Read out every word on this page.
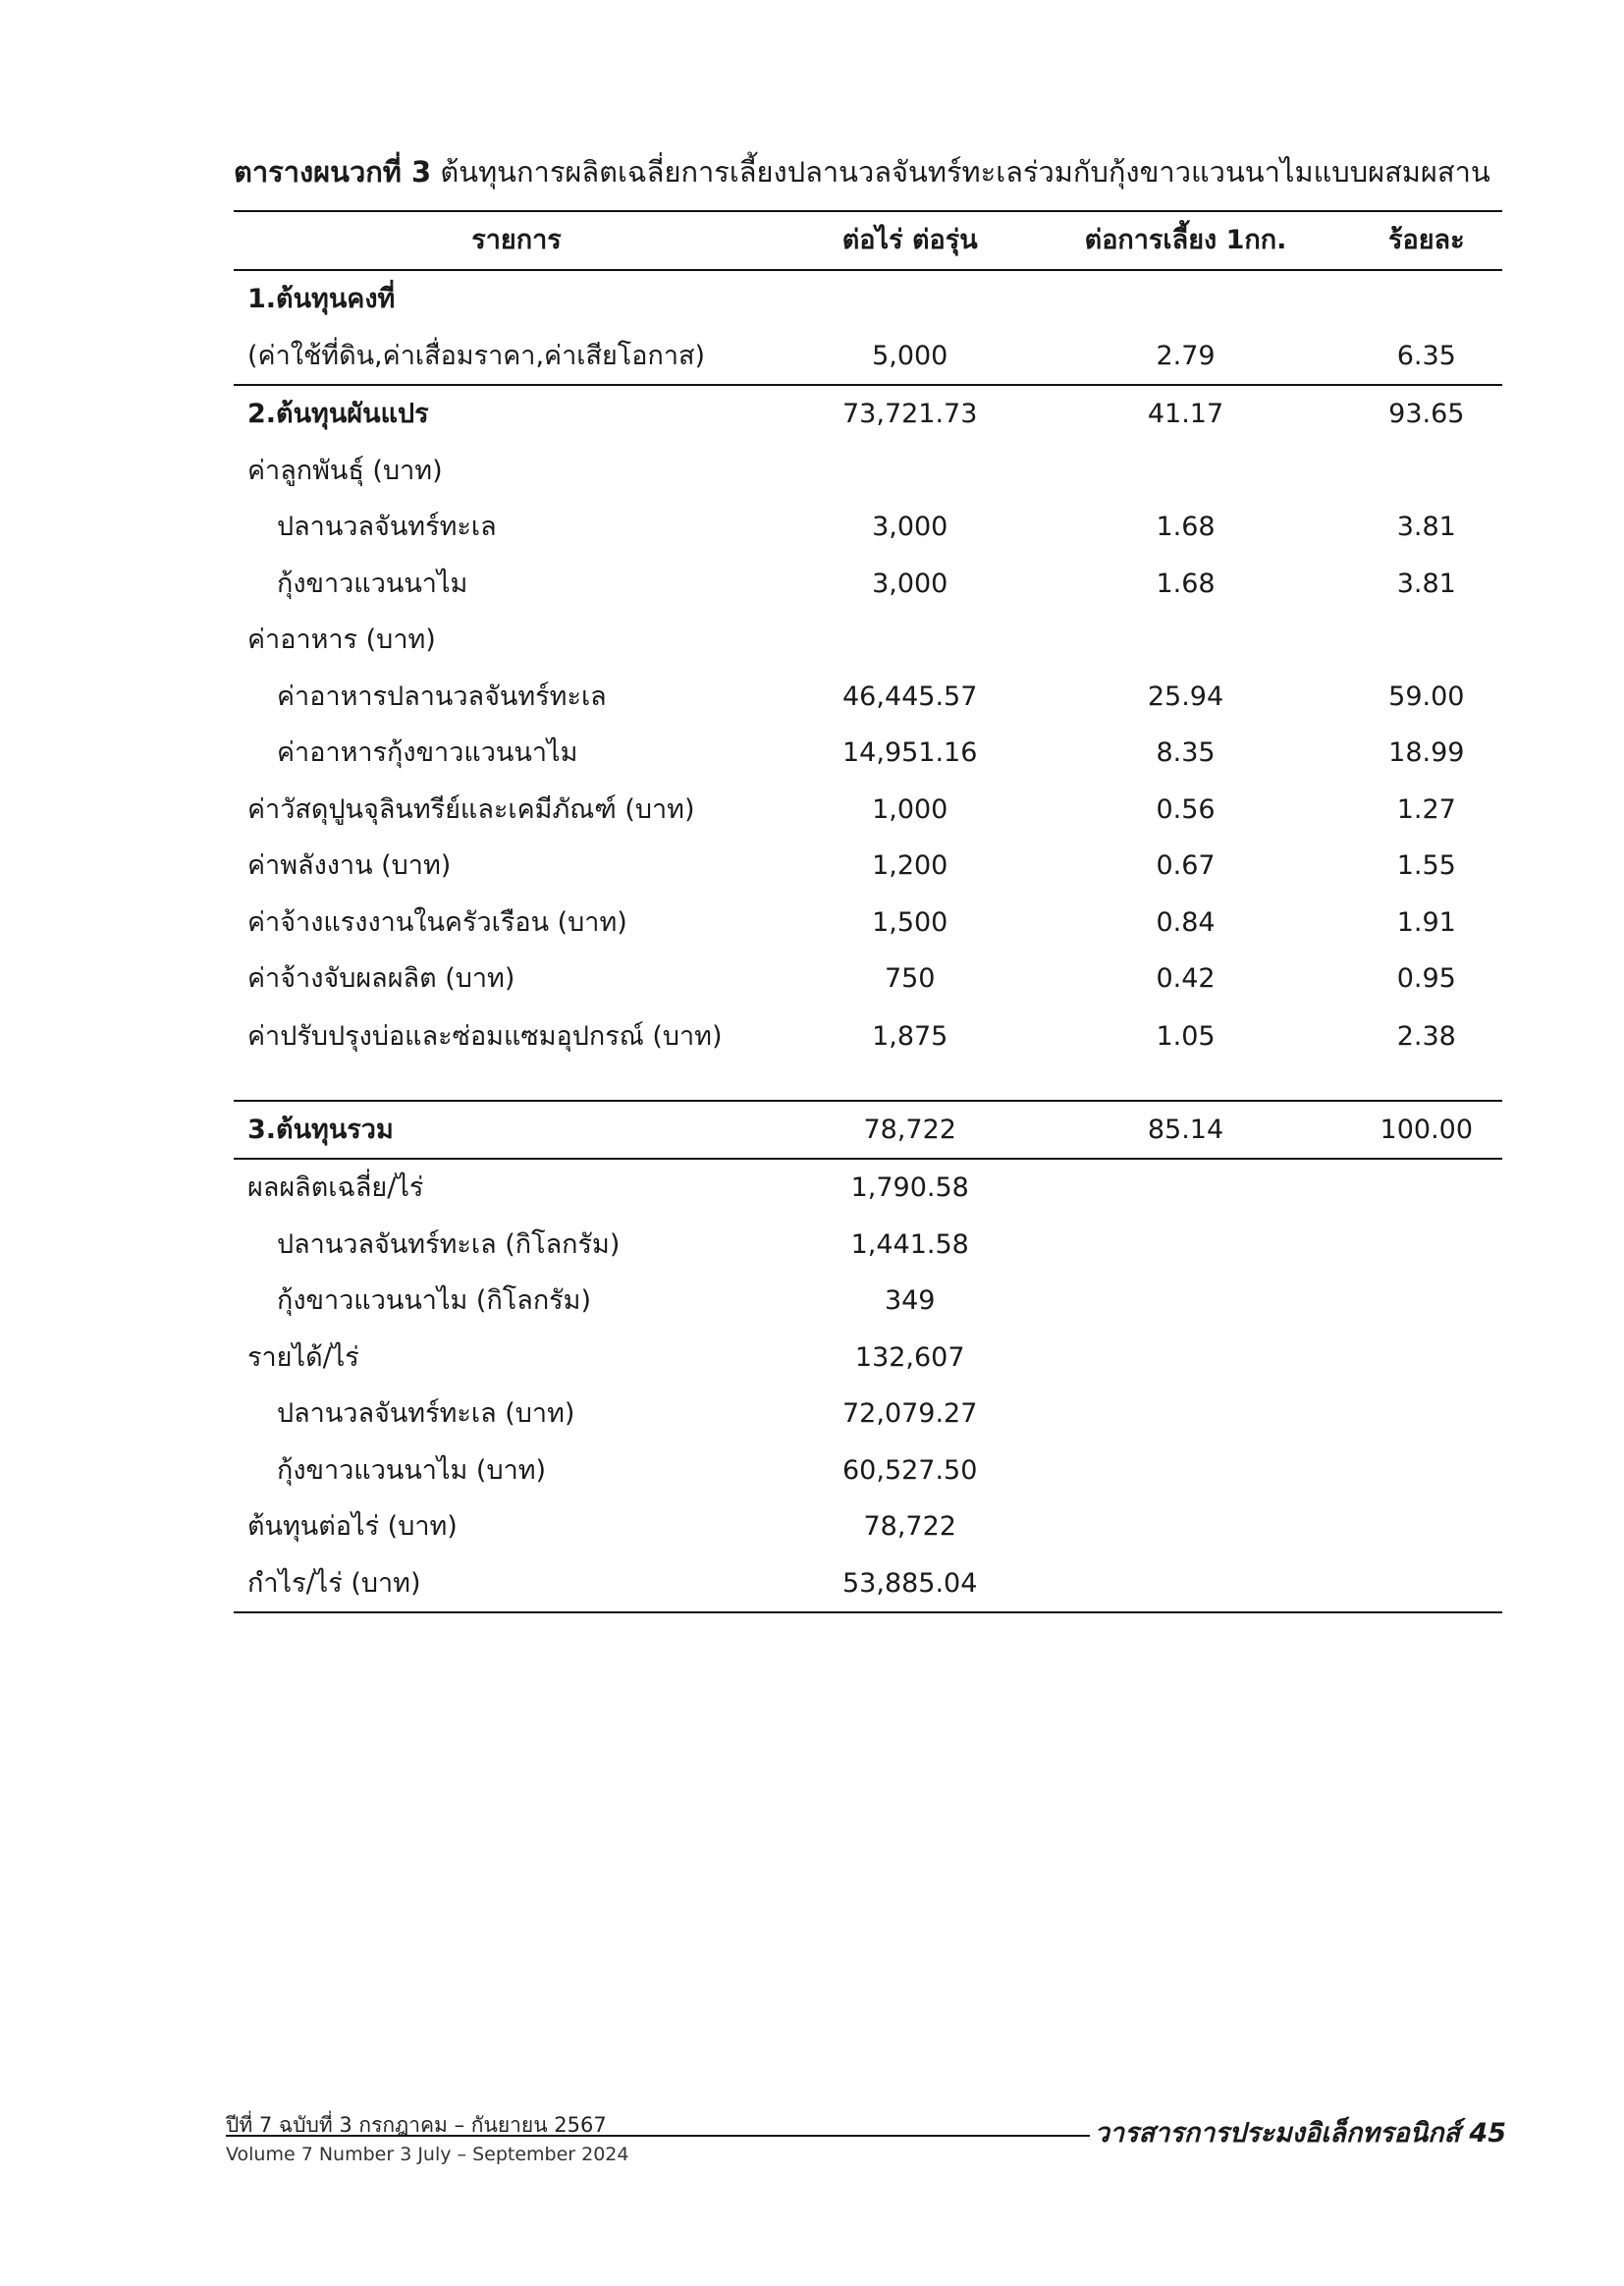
ตารางผนวกที่ 3 ต้นทุนการผลิตเฉลี่ยการเลี้ยงปลานวลจันทร์ทะเลร่วมกับกุ้งขาวแวนนาไมแบบผสมผสาน
รายการ	ต่อไร่ ต่อรุ่น	ต่อการเลี้ยง 1กก.	ร้อยละ
1.ต้นทุนคงที่			
(ค่าใช้ที่ดิน,ค่าเสื่อมราคา,ค่าเสียโอกาส)	5,000	2.79	6.35
2.ต้นทุนผันแปร	73,721.73	41.17	93.65
ค่าลูกพันธุ์ (บาท)			
ปลานวลจันทร์ทะเล	3,000	1.68	3.81
กุ้งขาวแวนนาไม	3,000	1.68	3.81
ค่าอาหาร (บาท)			
ค่าอาหารปลานวลจันทร์ทะเล	46,445.57	25.94	59.00
ค่าอาหารกุ้งขาวแวนนาไม	14,951.16	8.35	18.99
ค่าวัสดุปูนจุลินทรีย์และเคมีภัณฑ์ (บาท)	1,000	0.56	1.27
ค่าพลังงาน (บาท)	1,200	0.67	1.55
ค่าจ้างแรงงานในครัวเรือน (บาท)	1,500	0.84	1.91
ค่าจ้างจับผลผลิต (บาท)	750	0.42	0.95
ค่าปรับปรุงบ่อและซ่อมแซมอุปกรณ์ (บาท)	1,875	1.05	2.38
3.ต้นทุนรวม	78,722	85.14	100.00
ผลผลิตเฉลี่ย/ไร่	1,790.58		
ปลานวลจันทร์ทะเล (กิโลกรัม)	1,441.58		
กุ้งขาวแวนนาไม (กิโลกรัม)	349		
รายได้/ไร่	132,607		
ปลานวลจันทร์ทะเล (บาท)	72,079.27		
กุ้งขาวแวนนาไม (บาท)	60,527.50		
ต้นทุนต่อไร่ (บาท)	78,722		
กำไร/ไร่ (บาท)	53,885.04		
ปีที่ 7 ฉบับที่ 3 กรกฎาคม – กันยายน 2567
Volume 7 Number 3 July – September 2024
วารสารการประมงอิเล็กทรอนิกส์ 45
